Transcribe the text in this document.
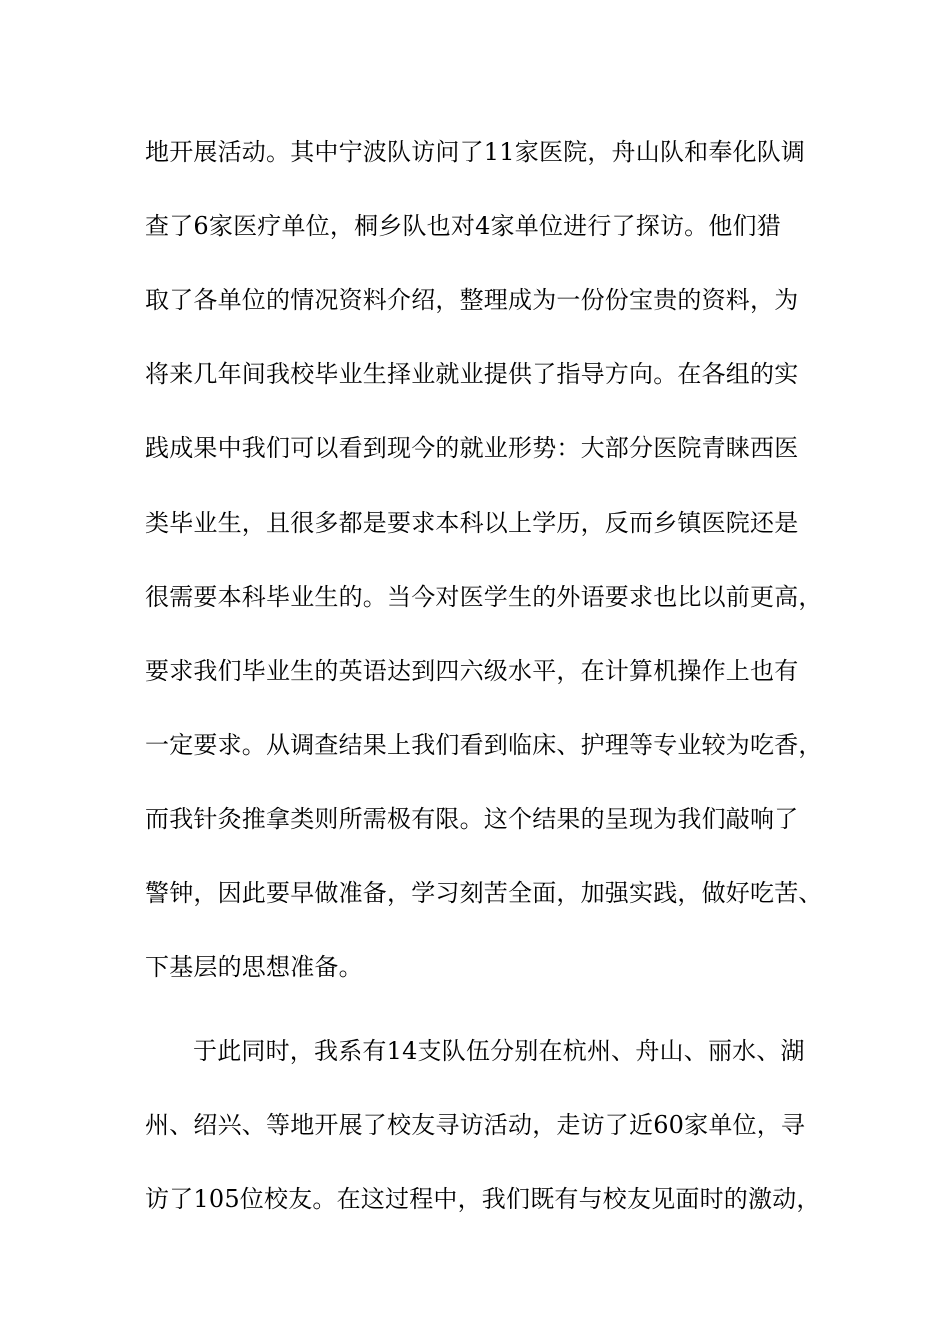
地开展活动。其中宁波队访问了11家医院，舟山队和奉化队调
查了6家医疗单位，桐乡队也对4家单位进行了探访。他们猎
取了各单位的情况资料介绍，整理成为一份份宝贵的资料，为
将来几年间我校毕业生择业就业提供了指导方向。在各组的实
践成果中我们可以看到现今的就业形势：大部分医院青睐西医
类毕业生，且很多都是要求本科以上学历，反而乡镇医院还是
很需要本科毕业生的。当今对医学生的外语要求也比以前更高，
要求我们毕业生的英语达到四六级水平，在计算机操作上也有
一定要求。从调查结果上我们看到临床、护理等专业较为吃香，
而我针灸推拿类则所需极有限。这个结果的呈现为我们敲响了
警钟，因此要早做准备，学习刻苦全面，加强实践，做好吃苦、
下基层的思想准备。
于此同时，我系有14支队伍分别在杭州、舟山、丽水、湖
州、绍兴、等地开展了校友寻访活动，走访了近60家单位，寻
访了105位校友。在这过程中，我们既有与校友见面时的激动，
